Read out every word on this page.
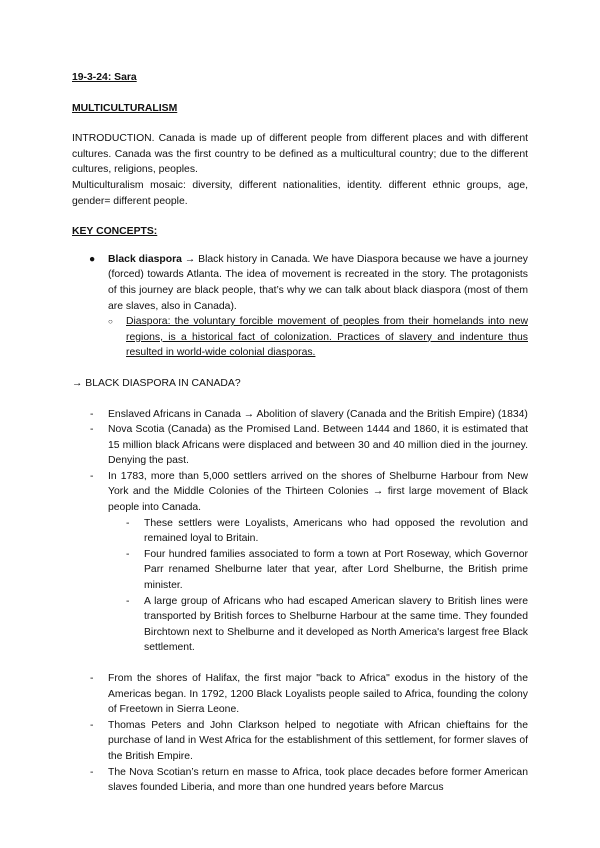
19-3-24: Sara

MULTICULTURALISM

INTRODUCTION. Canada is made up of different people from different places and with different cultures. Canada was the first country to be defined as a multicultural country; due to the different cultures, religions, peoples.

Multiculturalism mosaic: diversity, different nationalities, identity. different ethnic groups, age, gender= different people.

KEY CONCEPTS:

● Black diaspora → Black history in Canada. We have Diaspora because we have a journey (forced) towards Atlanta. The idea of movement is recreated in the story. The protagonists of this journey are black people, that’s why we can talk about black diaspora (most of them are slaves, also in Canada).
○ Diaspora: the voluntary forcible movement of peoples from their homelands into new regions, is a historical fact of colonization. Practices of slavery and indenture thus resulted in world-wide colonial diasporas.

→ BLACK DIASPORA IN CANADA?

- Enslaved Africans in Canada → Abolition of slavery (Canada and the British Empire) (1834)
- Nova Scotia (Canada) as the Promised Land. Between 1444 and 1860, it is estimated that 15 million black Africans were displaced and between 30 and 40 million died in the journey. Denying the past.
- In 1783, more than 5,000 settlers arrived on the shores of Shelburne Harbour from New York and the Middle Colonies of the Thirteen Colonies → first large movement of Black people into Canada.
- These settlers were Loyalists, Americans who had opposed the revolution and remained loyal to Britain.
- Four hundred families associated to form a town at Port Roseway, which Governor Parr renamed Shelburne later that year, after Lord Shelburne, the British prime minister.
- A large group of Africans who had escaped American slavery to British lines were transported by British forces to Shelburne Harbour at the same time. They founded Birchtown next to Shelburne and it developed as North America's largest free Black settlement.
- From the shores of Halifax, the first major "back to Africa" exodus in the history of the Americas began. In 1792, 1200 Black Loyalists people sailed to Africa, founding the colony of Freetown in Sierra Leone.
- Thomas Peters and John Clarkson helped to negotiate with African chieftains for the purchase of land in West Africa for the establishment of this settlement, for former slaves of the British Empire.
- The Nova Scotian’s return en masse to Africa, took place decades before former American slaves founded Liberia, and more than one hundred years before Marcus
